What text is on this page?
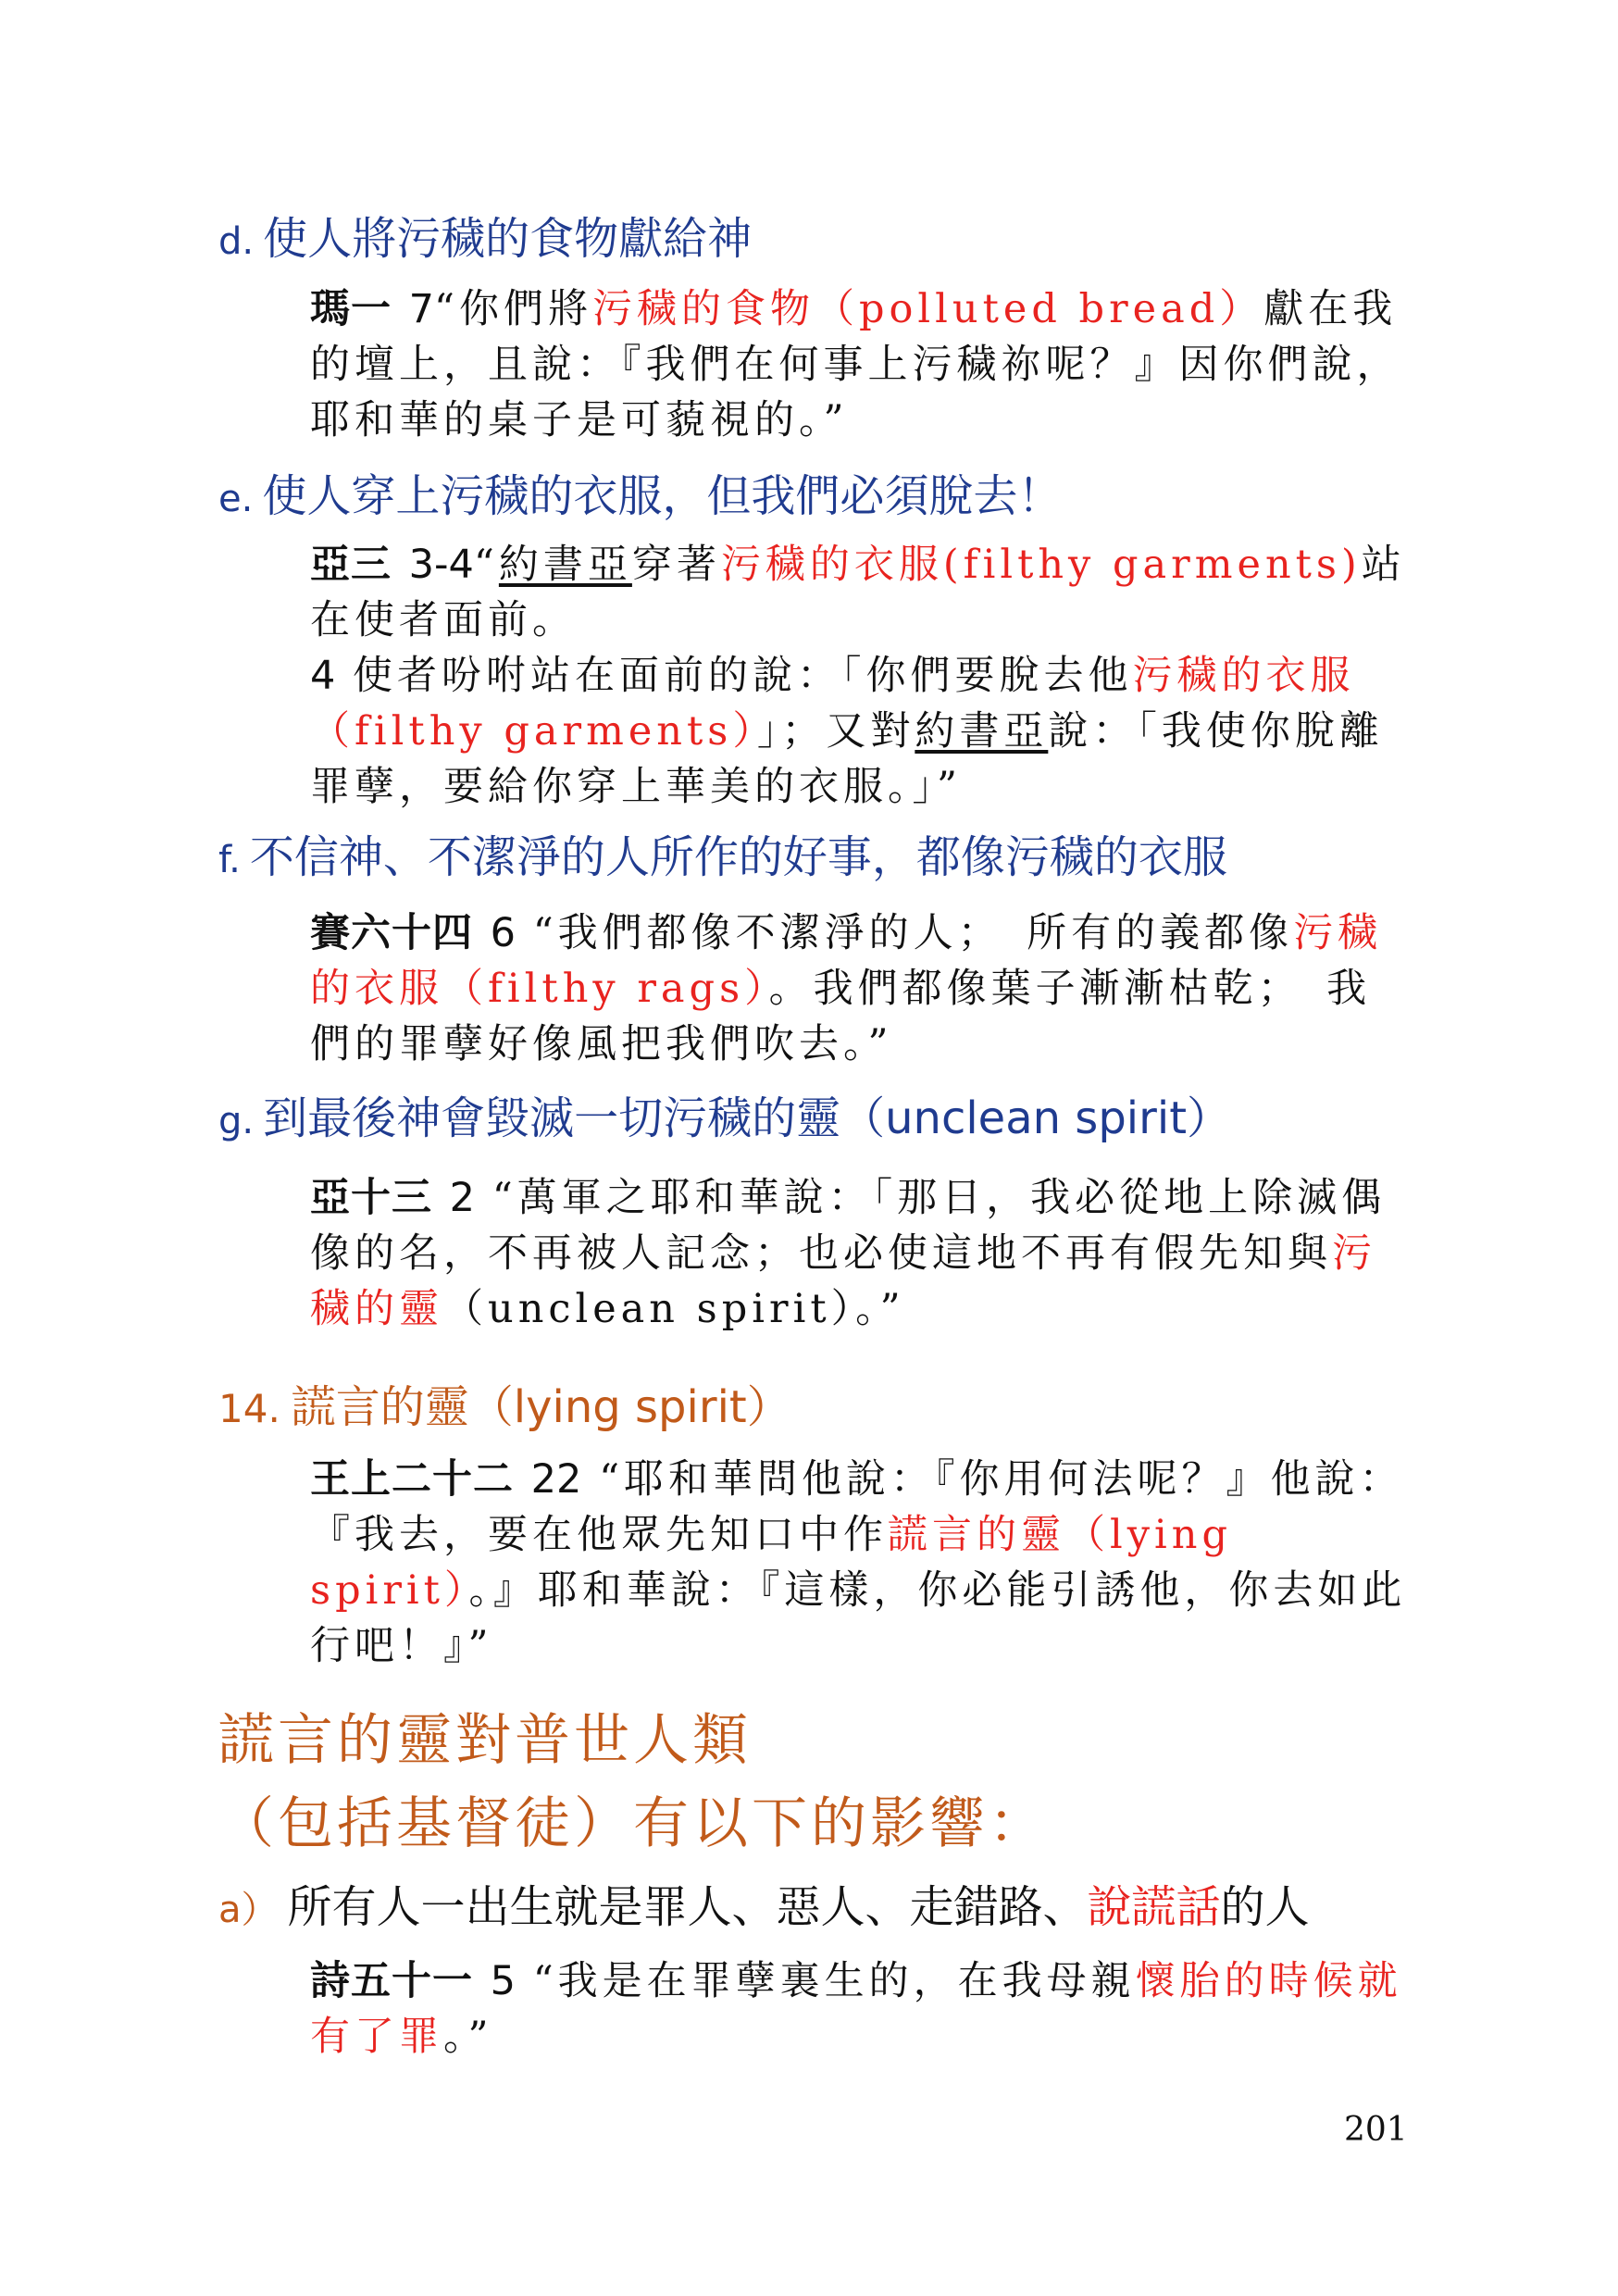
d. 使人將污穢的食物獻給神
瑪一 7“你們將污穢的食物（polluted bread）獻在我的壇上，且說：『我們在何事上污穢祢呢？』因你們說，耶和華的桌子是可藐視的。”
e. 使人穿上污穢的衣服，但我們必須脫去！
亞三 3-4“約書亞穿著污穢的衣服(filthy garments)站在使者面前。
4 使者吩咐站在面前的說：「你們要脫去他污穢的衣服（filthy garments）」；又對約書亞說：「我使你脫離罪孽，要給你穿上華美的衣服。」”
f. 不信神、不潔淨的人所作的好事，都像污穢的衣服
賽六十四 6 “我們都像不潔淨的人；　所有的義都像污穢的衣服（filthy rags）。我們都像葉子漸漸枯乾；　我們的罪孽好像風把我們吹去。”
g. 到最後神會毀滅一切污穢的靈（unclean spirit）
亞十三 2 “萬軍之耶和華說：「那日，我必從地上除滅偶像的名，不再被人記念；也必使這地不再有假先知與污穢的靈（unclean spirit）。”
14. 謊言的靈（lying spirit）
王上二十二 22 “耶和華問他說：『你用何法呢？』他說：『我去，要在他眾先知口中作謊言的靈（lying spirit）。』耶和華說：『這樣，你必能引誘他，你去如此行吧！』”
謊言的靈對普世人類
（包括基督徒）有以下的影響：
a） 所有人一出生就是罪人、惡人、走錯路、說謊話的人
詩五十一 5 “我是在罪孽裏生的，在我母親懷胎的時候就有了罪。”
201
